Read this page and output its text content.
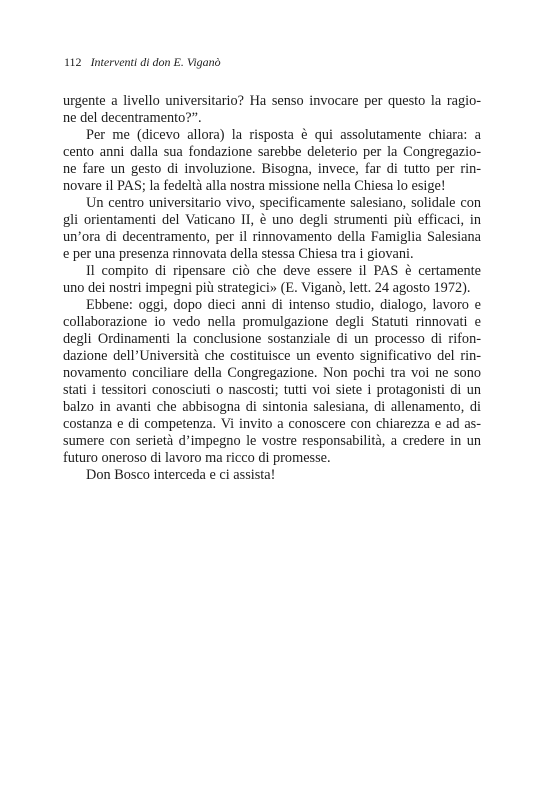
112 Interventi di don E. Viganò
urgente a livello universitario? Ha senso invocare per questo la ragio-
ne del decentramento?”.
Per me (dicevo allora) la risposta è qui assolutamente chiara: a
cento anni dalla sua fondazione sarebbe deleterio per la Congregazio-
ne fare un gesto di involuzione. Bisogna, invece, far di tutto per rin-
novare il PAS; la fedeltà alla nostra missione nella Chiesa lo esige!
Un centro universitario vivo, specificamente salesiano, solidale con
gli orientamenti del Vaticano II, è uno degli strumenti più efficaci, in
un’ora di decentramento, per il rinnovamento della Famiglia Salesiana
e per una presenza rinnovata della stessa Chiesa tra i giovani.
Il compito di ripensare ciò che deve essere il PAS è certamente
uno dei nostri impegni più strategici» (E. Viganò, lett. 24 agosto 1972).
Ebbene: oggi, dopo dieci anni di intenso studio, dialogo, lavoro e
collaborazione io vedo nella promulgazione degli Statuti rinnovati e
degli Ordinamenti la conclusione sostanziale di un processo di rifon-
dazione dell’Università che costituisce un evento significativo del rin-
novamento conciliare della Congregazione. Non pochi tra voi ne sono
stati i tessitori conosciuti o nascosti; tutti voi siete i protagonisti di un
balzo in avanti che abbisogna di sintonia salesiana, di allenamento, di
costanza e di competenza. Vi invito a conoscere con chiarezza e ad as-
sumere con serietà d’impegno le vostre responsabilità, a credere in un
futuro oneroso di lavoro ma ricco di promesse.
Don Bosco interceda e ci assista!
